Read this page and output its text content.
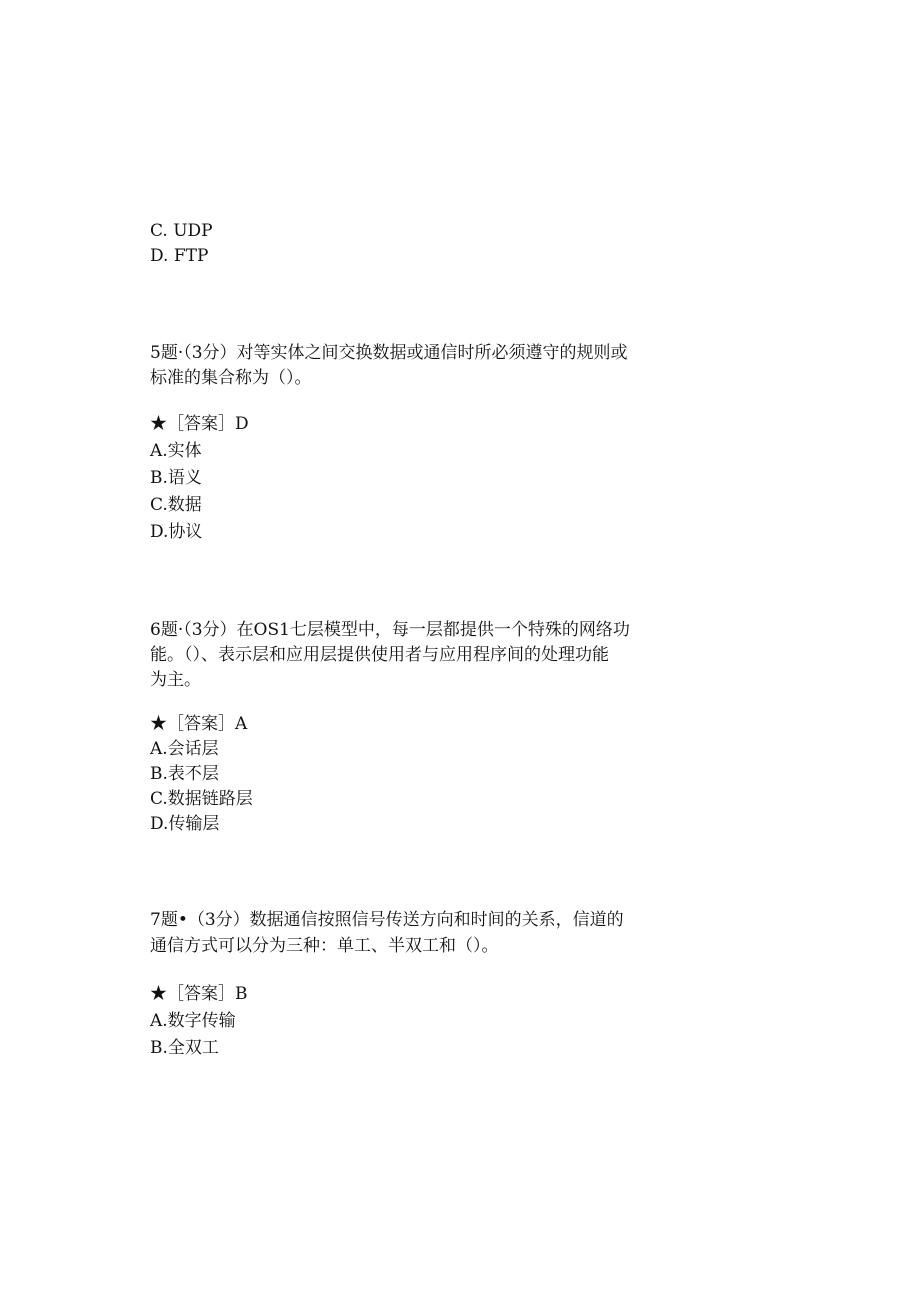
C. UDP

D. FTP

5题·（3分）对等实体之间交换数据或通信时所必须遵守的规则或

标准的集合称为（）。

★［答案］D

A.实体

B.语义

C.数据

D.协议

6题·（3分）在OS1七层模型中，每一层都提供一个特殊的网络功

能。（）、表示层和应用层提供使用者与应用程序间的处理功能

为主。

★［答案］A

A.会话层

B.表不层

C.数据链路层

D.传输层

7题•（3分）数据通信按照信号传送方向和时间的关系，信道的

通信方式可以分为三种：单工、半双工和（）。

★［答案］B

A.数字传输

B.全双工
